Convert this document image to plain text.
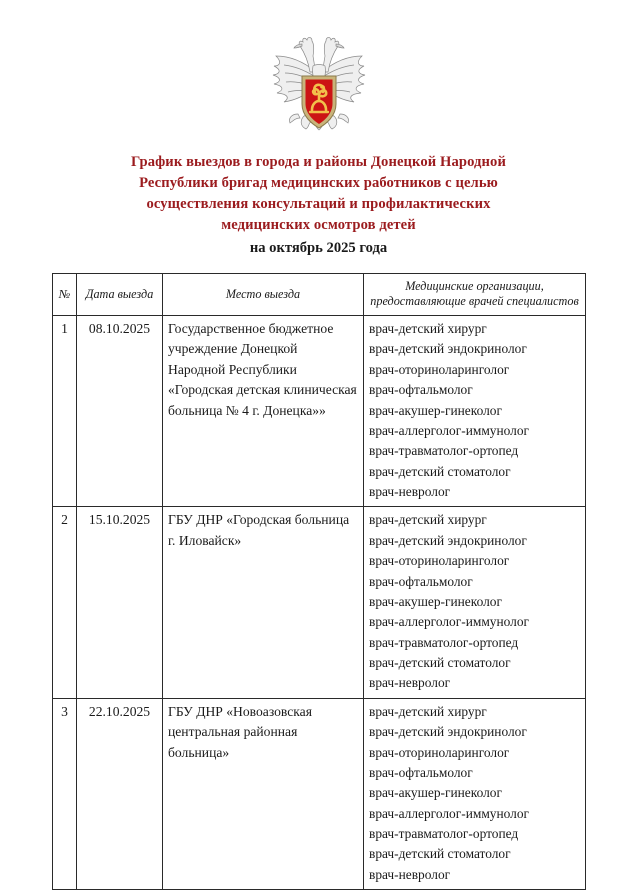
График выездов в города и районы Донецкой Народной
Республики бригад медицинских работников с целью
осуществления консультаций и профилактических
медицинских осмотров детей
на октябрь 2025 года
№	Дата выезда	Место выезда	Медицинские организации,
предоставляющие врачей специалистов

1	08.10.2025	Государственное бюджетное учреждение Донецкой Народной Республики «Городская детская клиническая больница № 4 г. Донецка»»	
врач-детский хирург
врач-детский эндокринолог
врач-оториноларинголог
врач-офтальмолог
врач-акушер-гинеколог
врач-аллерголог-иммунолог
врач-травматолог-ортопед
врач-детский стоматолог
врач-невролог

2	15.10.2025	ГБУ ДНР «Городская больница г. Иловайск»	
врач-детский хирург
врач-детский эндокринолог
врач-оториноларинголог
врач-офтальмолог
врач-акушер-гинеколог
врач-аллерголог-иммунолог
врач-травматолог-ортопед
врач-детский стоматолог
врач-невролог

3	22.10.2025	ГБУ ДНР «Новоазовская центральная районная больница»	
врач-детский хирург
врач-детский эндокринолог
врач-оториноларинголог
врач-офтальмолог
врач-акушер-гинеколог
врач-аллерголог-иммунолог
врач-травматолог-ортопед
врач-детский стоматолог
врач-невролог
